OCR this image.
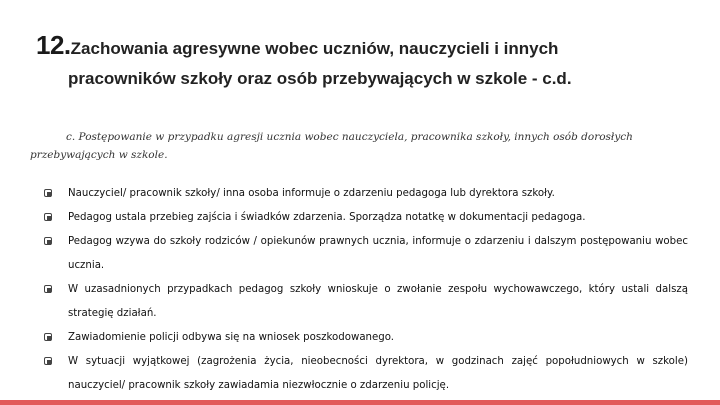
12.Zachowania agresywne wobec uczniów, nauczycieli i innych
pracowników szkoły oraz osób przebywających w szkole - c.d.
c. Postępowanie w przypadku agresji ucznia wobec nauczyciela, pracownika szkoły, innych osób dorosłych przebywających w szkole.
Nauczyciel/ pracownik szkoły/ inna osoba informuje o zdarzeniu pedagoga lub dyrektora szkoły.
Pedagog ustala przebieg zajścia i świadków zdarzenia. Sporządza notatkę w dokumentacji pedagoga.
Pedagog wzywa do szkoły rodziców / opiekunów prawnych ucznia, informuje o zdarzeniu i dalszym postępowaniu wobec ucznia.
W uzasadnionych przypadkach pedagog szkoły wnioskuje o zwołanie zespołu wychowawczego, który ustali dalszą strategię działań.
Zawiadomienie policji odbywa się na wniosek poszkodowanego.
W sytuacji wyjątkowej (zagrożenia życia, nieobecności dyrektora, w godzinach zajęć popołudniowych w szkole) nauczyciel/ pracownik szkoły zawiadamia niezwłocznie o zdarzeniu policję.
